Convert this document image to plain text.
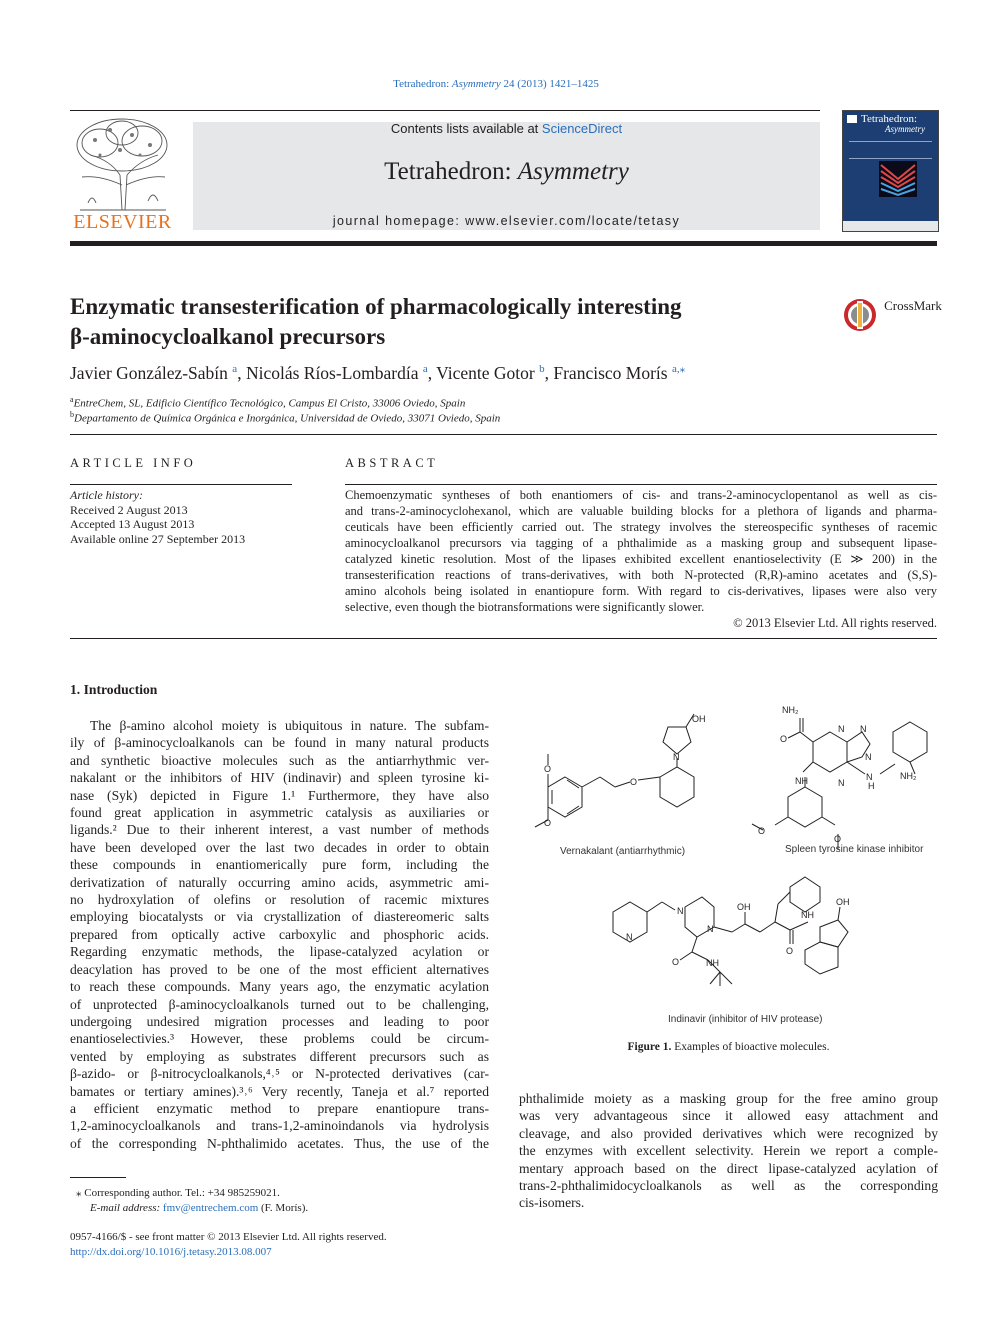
Tetrahedron: Asymmetry 24 (2013) 1421–1425
ELSEVIER
Contents lists available at ScienceDirect
Tetrahedron: Asymmetry
journal homepage: www.elsevier.com/locate/tetasy
Tetrahedron:
Asymmetry
Enzymatic transesterification of pharmacologically interesting
β-aminocycloalkanol precursors
$^{CrossMark}$
Javier González-Sabín $^a$, Nicolás Ríos-Lombardía $^a$, Vicente Gotor $^b$, Francisco Morís $^{a,⁎}$
$^a$EntreChem, SL, Edificio Científico Tecnológico, Campus El Cristo, 33006 Oviedo, Spain
$^b$Departamento de Química Orgánica e Inorgánica, Universidad de Oviedo, 33071 Oviedo, Spain
ARTICLE INFO
Article history:
Received 2 August 2013
Accepted 13 August 2013
Available online 27 September 2013
ABSTRACT
Chemoenzymatic syntheses of both enantiomers of cis- and trans-2-aminocyclopentanol as well as cis-
and trans-2-aminocyclohexanol, which are valuable building blocks for a plethora of ligands and pharma-
ceuticals have been efficiently carried out. The strategy involves the stereospecific syntheses of racemic
aminocycloalkanol precursors via tagging of a phthalimide as a masking group and subsequent lipase-
catalyzed kinetic resolution. Most of the lipases exhibited excellent enantioselectivity (E ≫ 200) in the
transesterification reactions of trans-derivatives, with both N-protected (R,R)-amino acetates and (S,S)-
amino alcohols being isolated in enantiopure form. With regard to cis-derivatives, lipases were also very
selective, even though the biotransformations were significantly slower.
© 2013 Elsevier Ltd. All rights reserved.
1. Introduction
The β-amino alcohol moiety is ubiquitous in nature. The subfam-
ily of β-aminocycloalkanols can be found in many natural products
and synthetic bioactive molecules such as the antiarrhythmic ver-
nakalant or the inhibitors of HIV (indinavir) and spleen tyrosine ki-
nase (Syk) depicted in Figure 1.¹ Furthermore, they have also
found great application in asymmetric catalysis as auxiliaries or
ligands.² Due to their inherent interest, a vast number of methods
have been developed over the last two decades in order to obtain
these compounds in enantiomerically pure form, including the
derivatization of naturally occurring amino acids, asymmetric ami-
no hydroxylation of olefins or resolution of racemic mixtures
employing biocatalysts or via crystallization of diastereomeric salts
prepared from optically active carboxylic and phosphoric acids.
Regarding enzymatic methods, the lipase-catalyzed acylation or
deacylation has proved to be one of the most efficient alternatives
to reach these compounds. Many years ago, the enzymatic acylation
of unprotected β-aminocycloalkanols turned out to be challenging,
undergoing undesired migration processes and leading to poor
enantioselectivies.³ However, these problems could be circum-
vented by employing as substrates different precursors such as
β-azido- or β-nitrocycloalkanols,⁴˒⁵ or N-protected derivatives (car-
bamates or tertiary amines).³˒⁶ Very recently, Taneja et al.⁷ reported
a efficient enzymatic method to prepare enantiopure trans-
1,2-aminocycloalkanols and trans-1,2-aminoindanols via hydrolysis
of the corresponding N-phthalimido acetates. Thus, the use of the
O
O
O
N
OH
NH₂
O
N N
N
N
N
H
NH	NH₂
O
O
N
N
N
O	NH
OH
O
NH
OH
Vernakalant (antiarrhythmic)	Spleen tyrosine kinase inhibitor
Indinavir (inhibitor of HIV protease)
Figure 1. Examples of bioactive molecules.
phthalimide moiety as a masking group for the free amino group
was very advantageous since it allowed easy attachment and
cleavage, and also provided derivatives which were recognized by
the enzymes with excellent selectivity. Herein we report a comple-
mentary approach based on the direct lipase-catalyzed acylation of
trans-2-phthalimidocycloalkanols as well as the corresponding
cis-isomers.
⁎ Corresponding author. Tel.: +34 985259021.
E-mail address: fmv@entrechem.com (F. Morís).
0957-4166/$ - see front matter © 2013 Elsevier Ltd. All rights reserved.
http://dx.doi.org/10.1016/j.tetasy.2013.08.007
